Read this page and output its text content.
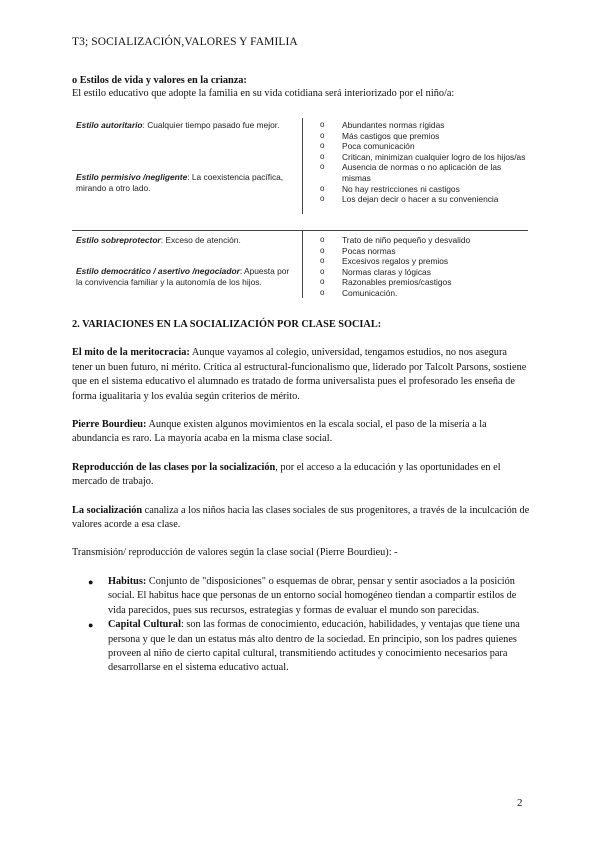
T3; SOCIALIZACIÓN,VALORES Y FAMILIA
o Estilos de vida y valores en la crianza:
El estilo educativo que adopte la familia en su vida cotidiana será interiorizado por el niño/a:
Estilo autoritario: Cualquier tiempo pasado fue mejor.
Estilo permisivo /negligente: La coexistencia pacífica, mirando a otro lado.
o Abundantes normas rígidas
o Más castigos que premios
o Poca comunicación
o Critican, minimizan cualquier logro de los hijos/as
o Ausencia de normas o no aplicación de las mismas
o No hay restricciones ni castigos
o Los dejan decir o hacer a su conveniencia
Estilo sobreprotector: Exceso de atención.
Estilo democrático / asertivo /negociador: Apuesta por la convivencia familiar y la autonomía de los hijos.
o Trato de niño pequeño y desvalido
o Pocas normas
o Excesivos regalos y premios
o Normas claras y lógicas
o Razonables premios/castigos
o Comunicación.

2. VARIACIONES EN LA SOCIALIZACIÓN POR CLASE SOCIAL:

El mito de la meritocracia: Aunque vayamos al colegio, universidad, tengamos estudios, no nos asegura tener un buen futuro, ni mérito. Crítica al estructural-funcionalismo que, liderado por Talcolt Parsons, sostiene que en el sistema educativo el alumnado es tratado de forma universalista pues el profesorado les enseña de forma igualitaria y los evalúa según criterios de mérito.

Pierre Bourdieu: Aunque existen algunos movimientos en la escala social, el paso de la miseria a la abundancia es raro. La mayoría acaba en la misma clase social.

Reproducción de las clases por la socialización, por el acceso a la educación y las oportunidades en el mercado de trabajo.

La socialización canaliza a los niños hacia las clases sociales de sus progenitores, a través de la inculcación de valores acorde a esa clase.

Transmisión/ reproducción de valores según la clase social (Pierre Bourdieu): -

● Habitus: Conjunto de "disposiciones" o esquemas de obrar, pensar y sentir asociados a la posición social. El habitus hace que personas de un entorno social homogéneo tiendan a compartir estilos de vida parecidos, pues sus recursos, estrategias y formas de evaluar el mundo son parecidas.

● Capital Cultural: son las formas de conocimiento, educación, habilidades, y ventajas que tiene una persona y que le dan un estatus más alto dentro de la sociedad. En principio, son los padres quienes proveen al niño de cierto capital cultural, transmitiendo actitudes y conocimiento necesarios para desarrollarse en el sistema educativo actual.

2
